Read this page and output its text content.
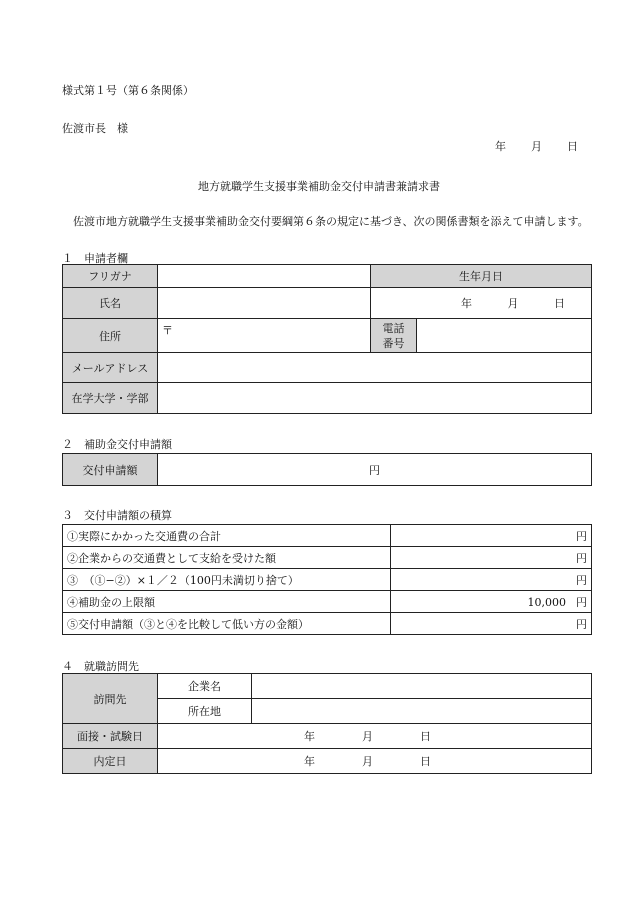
様式第１号（第６条関係）
佐渡市長　様
年 月 日
地方就職学生支援事業補助金交付申請書兼請求書
佐渡市地方就職学生支援事業補助金交付要綱第６条の規定に基づき、次の関係書類を添えて申請します。
１　申請者欄
フリガナ		生年月日	
氏名		年 月 日	

住所	〒	電話
番号	
メールアドレス			
在学大学・学部			
２　補助金交付申請額
交付申請額	円
３　交付申請額の積算
①実際にかかった交通費の合計	円
②企業からの交通費として支給を受けた額	円
③　（①−②）×１／２（100円未満切り捨て）	円
④補助金の上限額	10,000 円
⑤交付申請額（③と④を比較して低い方の金額）	円
４　就職訪問先
訪問先	企業名	
	所在地	
面接・試験日	年 月 日	

内定日	年 月 日	
